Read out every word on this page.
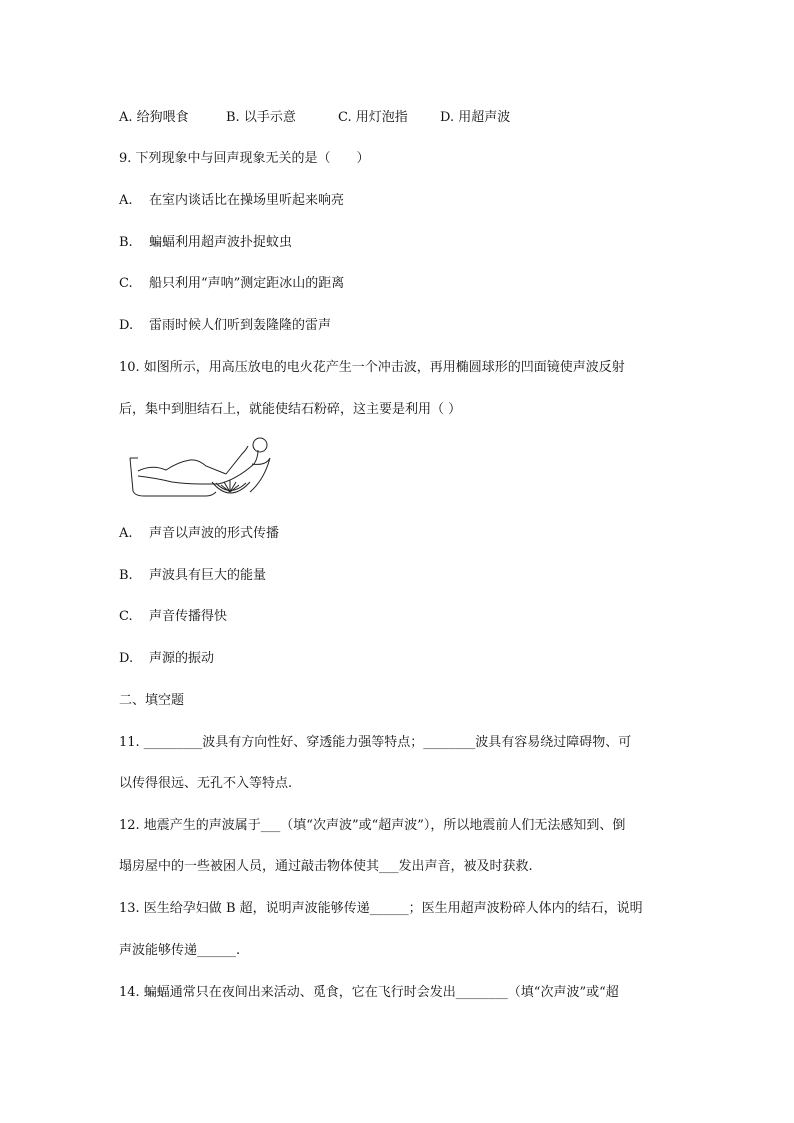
A. 给狗喂食	B. 以手示意	C. 用灯泡指	D. 用超声波
9. 下列现象中与回声现象无关的是（　　）
A. 在室内谈话比在操场里听起来响亮
B. 蝙蝠利用超声波扑捉蚊虫
C. 船只利用“声呐”测定距冰山的距离
D. 雷雨时候人们听到轰隆隆的雷声
10. 如图所示，用高压放电的电火花产生一个冲击波，再用椭圆球形的凹面镜使声波反射
后，集中到胆结石上，就能使结石粉碎，这主要是利用（ ）
A. 声音以声波的形式传播
B. 声波具有巨大的能量
C. 声音传播得快
D. 声源的振动
二、填空题
11. _________波具有方向性好、穿透能力强等特点；________波具有容易绕过障碍物、可
以传得很远、无孔不入等特点.
12. 地震产生的声波属于___（填“次声波”或“超声波”），所以地震前人们无法感知到、倒
塌房屋中的一些被困人员，通过敲击物体使其___发出声音，被及时获救.
13. 医生给孕妇做 B 超，说明声波能够传递______；医生用超声波粉碎人体内的结石，说明
声波能够传递______.
14. 蝙蝠通常只在夜间出来活动、觅食，它在飞行时会发出________（填“次声波”或“超
